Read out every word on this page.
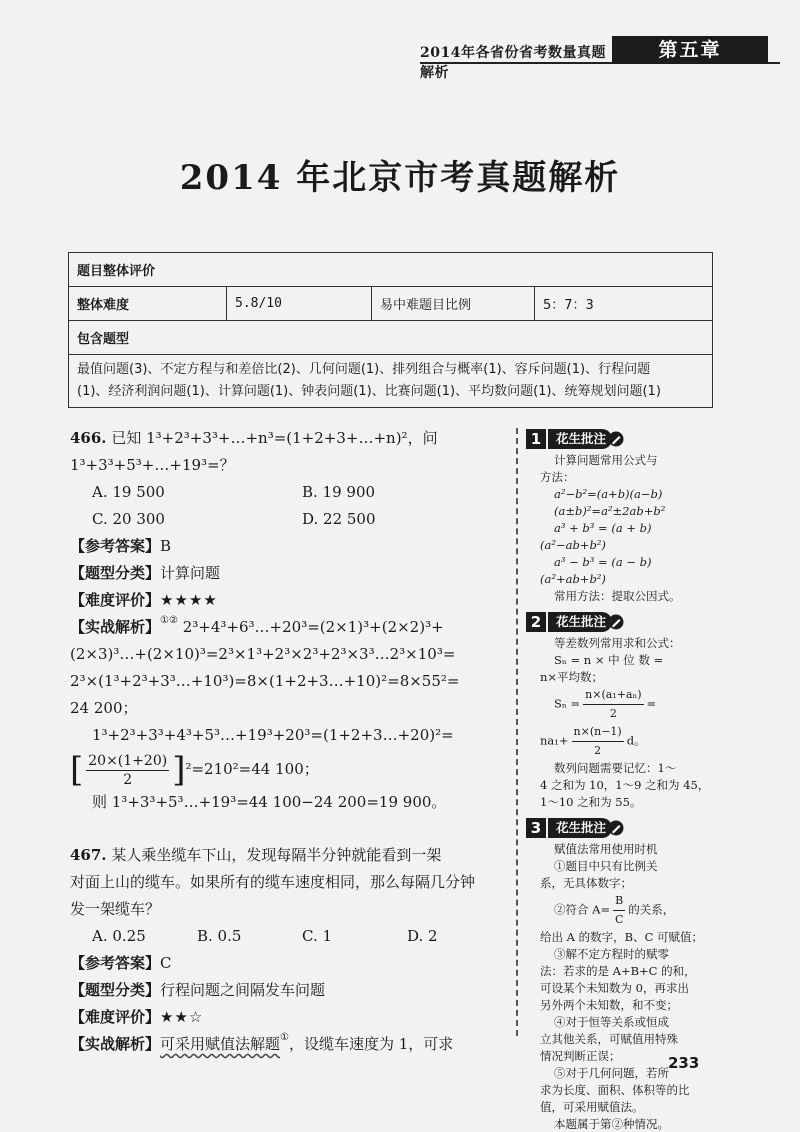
2014年各省份省考数量真题解析
第五章
2014 年北京市考真题解析
题目整体评价
整体难度	5.8/10	易中难题目比例	5：7：3
包含题型

最值问题(3)、不定方程与和差倍比(2)、几何问题(1)、排列组合与概率(1)、容斥问题(1)、行程问题
(1)、经济利润问题(1)、计算问题(1)、钟表问题(1)、比赛问题(1)、平均数问题(1)、统筹规划问题(1)

466. 已知 1³+2³+3³+…+n³=(1+2+3+…+n)²，问

1³+3³+5³+…+19³=？

A. 19 500	B. 19 900
C. 20 300	D. 22 500

【参考答案】B

【题型分类】计算问题

【难度评价】★★★★

【实战解析】①② 2³+4³+6³…+20³=(2×1)³+(2×2)³+

(2×3)³…+(2×10)³=2³×1³+2³×2³+2³×3³…2³×10³=

2³×(1³+2³+3³…+10³)=8×(1+2+3…+10)²=8×55²=

24 200；

1³+2³+3³+4³+5³…+19³+20³=(1+2+3…+20)²=

[ $\frac{20\times(1+20)}{2} ]^2=210^2=44$ 100；

则 1³+3³+5³…+19³=44 100−24 200=19 900。

467. 某人乘坐缆车下山，发现每隔半分钟就能看到一架

对面上山的缆车。如果所有的缆车速度相同，那么每隔几分钟

发一架缆车？

A. 0.25	B. 0.5	C. 1	D. 2

【参考答案】C

【题型分类】行程问题之间隔发车问题

【难度评价】★★☆

【实战解析】可采用赋值法解题①，设缆车速度为 1，可求

1	花生批注
计算问题常用公式与
方法：
a²−b²=(a+b)(a−b)
(a±b)²=a²±2ab+b²
a³ + b³ = (a + b)
(a²−ab+b²)
a³ − b³ = (a − b)
(a²+ab+b²)
常用方法：提取公因式。
2	花生批注
等差数列常用求和公式：
Sₙ = n × 中 位 数 =
n×平均数；
$S_n = \frac{\text{n×(a₁+aₙ)}}{2}$ =
$na_1+ \frac{n\times(n-1)}{2}$ d。
数列问题需要记忆：1～
4 之和为 10，1～9 之和为 45，
1～10 之和为 55。
3	花生批注
赋值法常用使用时机
①题目中只有比例关
系，无具体数字；
②符合 $A= \frac{B}{C}$ 的关系，
给出 A 的数字，B、C 可赋值；
③解不定方程时的赋零
法：若求的是 A+B+C 的和，
可设某个未知数为 0，再求出
另外两个未知数，和不变；
④对于恒等关系或恒成
立其他关系，可赋值用特殊
情况判断正误；
⑤对于几何问题，若所
求为长度、面积、体积等的比
值，可采用赋值法。
本题属于第②种情况。
233
